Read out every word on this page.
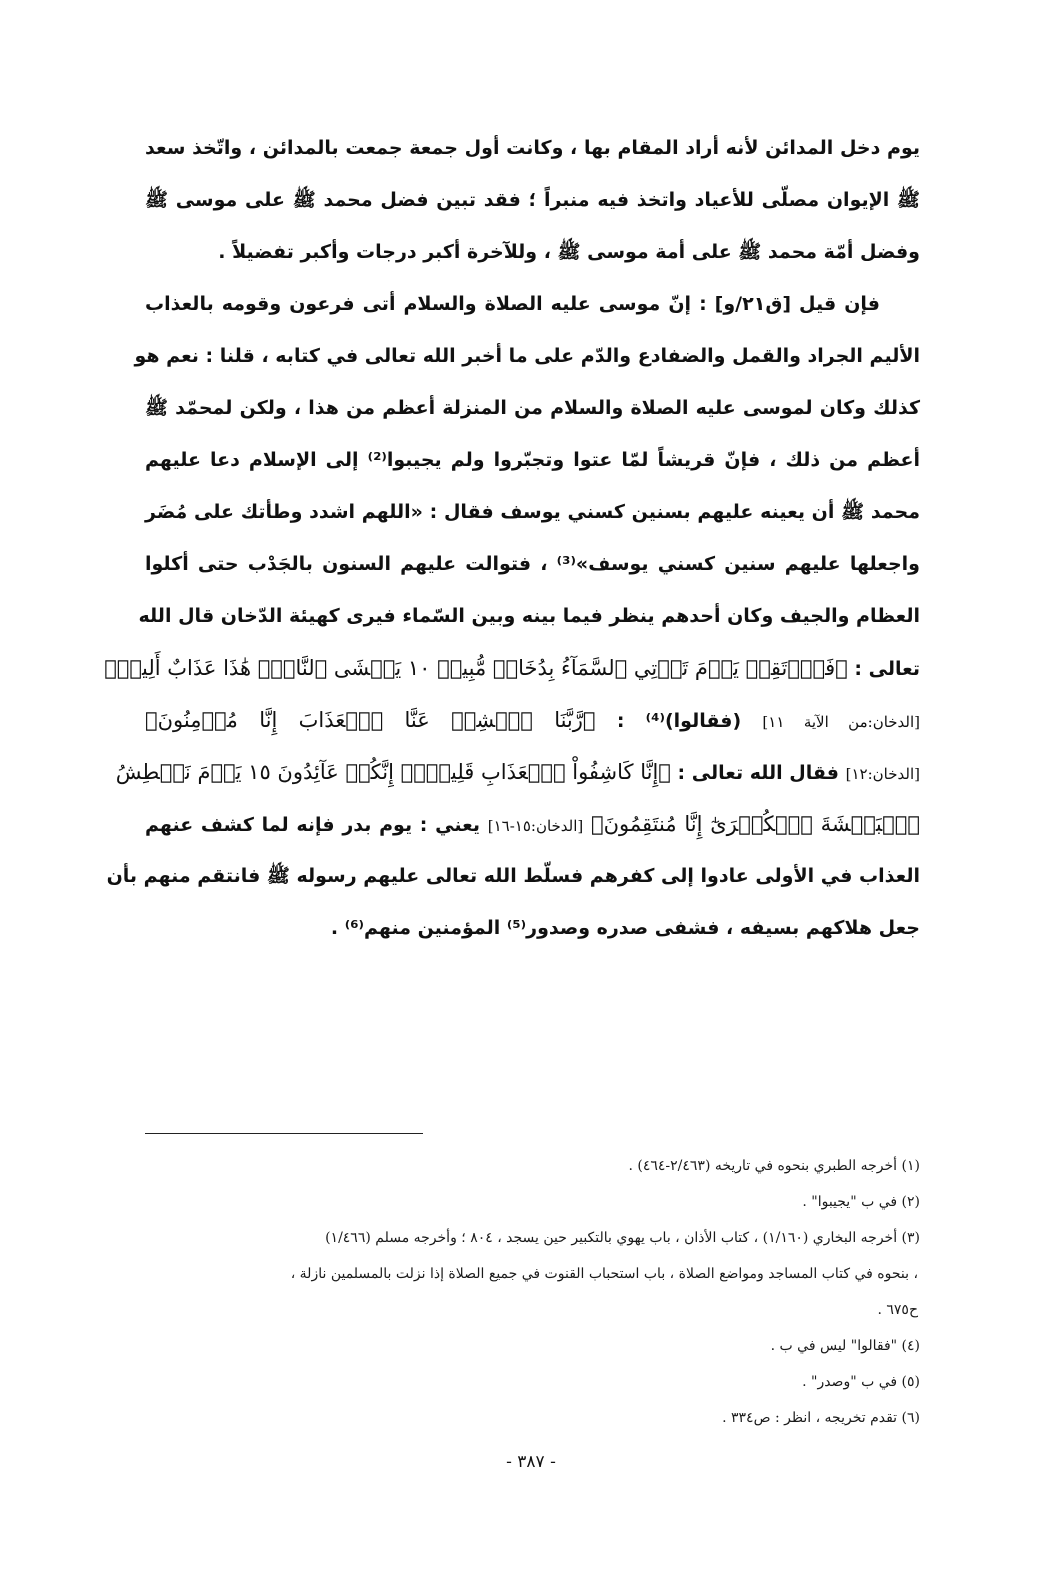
يوم دخل المدائن لأنه أراد المقام بها ، وكانت أول جمعة جمعت بالمدائن ، واتّخذ سعد
ﷺ الإيوان مصلّى للأعياد واتخذ فيه منبراً ؛ فقد تبين فضل محمد ﷺ على موسى ﷺ
وفضل أمّة محمد ﷺ على أمة موسى ﷺ ، وللآخرة أكبر درجات وأكبر تفضيلاً .
فإن قيل [ق٢١/و] : إنّ موسى عليه الصلاة والسلام أتى فرعون وقومه بالعذاب
الأليم الجراد والقمل والضفادع والدّم على ما أخبر الله تعالى في كتابه ، قلنا : نعم هو
كذلك وكان لموسى عليه الصلاة والسلام من المنزلة أعظم من هذا ، ولكن لمحمّد ﷺ
أعظم من ذلك ، فإنّ قريشاً لمّا عتوا وتجبّروا ولم يجيبوا⁽²⁾ إلى الإسلام دعا عليهم
محمد ﷺ أن يعينه عليهم بسنين كسني يوسف فقال : «اللهم اشدد وطأتك على مُضَر
واجعلها عليهم سنين كسني يوسف»⁽³⁾ ، فتوالت عليهم السنون بالجَدْب حتى أكلوا
العظام والجيف وكان أحدهم ينظر فيما بينه وبين السّماء فيرى كهيئة الدّخان قال الله
تعالى : ﴿فَٱرۡتَقِبۡ يَوۡمَ تَأۡتِي ٱلسَّمَآءُ بِدُخَانٖ مُّبِينٖ ١٠ يَغۡشَى ٱلنَّاسَۖ هَٰذَا عَذَابٌ أَلِيمٞ﴾
[الدخان:من الآية ١١] (فقالوا)⁽⁴⁾ : ﴿رَّبَّنَا ٱكۡشِفۡ عَنَّا ٱلۡعَذَابَ إِنَّا مُؤۡمِنُونَ﴾
[الدخان:١٢] فقال الله تعالى : ﴿إِنَّا كَاشِفُواْ ٱلۡعَذَابِ قَلِيلًاۚ إِنَّكُمۡ عَآئِدُونَ ١٥ يَوۡمَ نَبۡطِشُ
ٱلۡبَطۡشَةَ ٱلۡكُبۡرَىٰٓ إِنَّا مُنتَقِمُونَ﴾ [الدخان:١٥-١٦] يعني : يوم بدر فإنه لما كشف عنهم
العذاب في الأولى عادوا إلى كفرهم فسلّط الله تعالى عليهم رسوله ﷺ فانتقم منهم بأن
جعل هلاكهم بسيفه ، فشفى صدره وصدور⁽⁵⁾ المؤمنين منهم⁽⁶⁾ .
(١) أخرجه الطبري بنحوه في تاريخه (٢/٤٦٣-٤٦٤) .
(٢) في ب "يجيبوا" .
(٣) أخرجه البخاري (١/١٦٠) ، كتاب الأذان ، باب يهوي بالتكبير حين يسجد ، ٨٠٤ ؛ وأخرجه مسلم (١/٤٦٦)
، بنحوه في كتاب المساجد ومواضع الصلاة ، باب استحباب القنوت في جميع الصلاة إذا نزلت بالمسلمين نازلة ،
ح٦٧٥ .
(٤) "فقالوا" ليس في ب .
(٥) في ب "وصدر" .
(٦) تقدم تخريجه ، انظر : ص٣٣٤ .
- ٣٨٧ -
